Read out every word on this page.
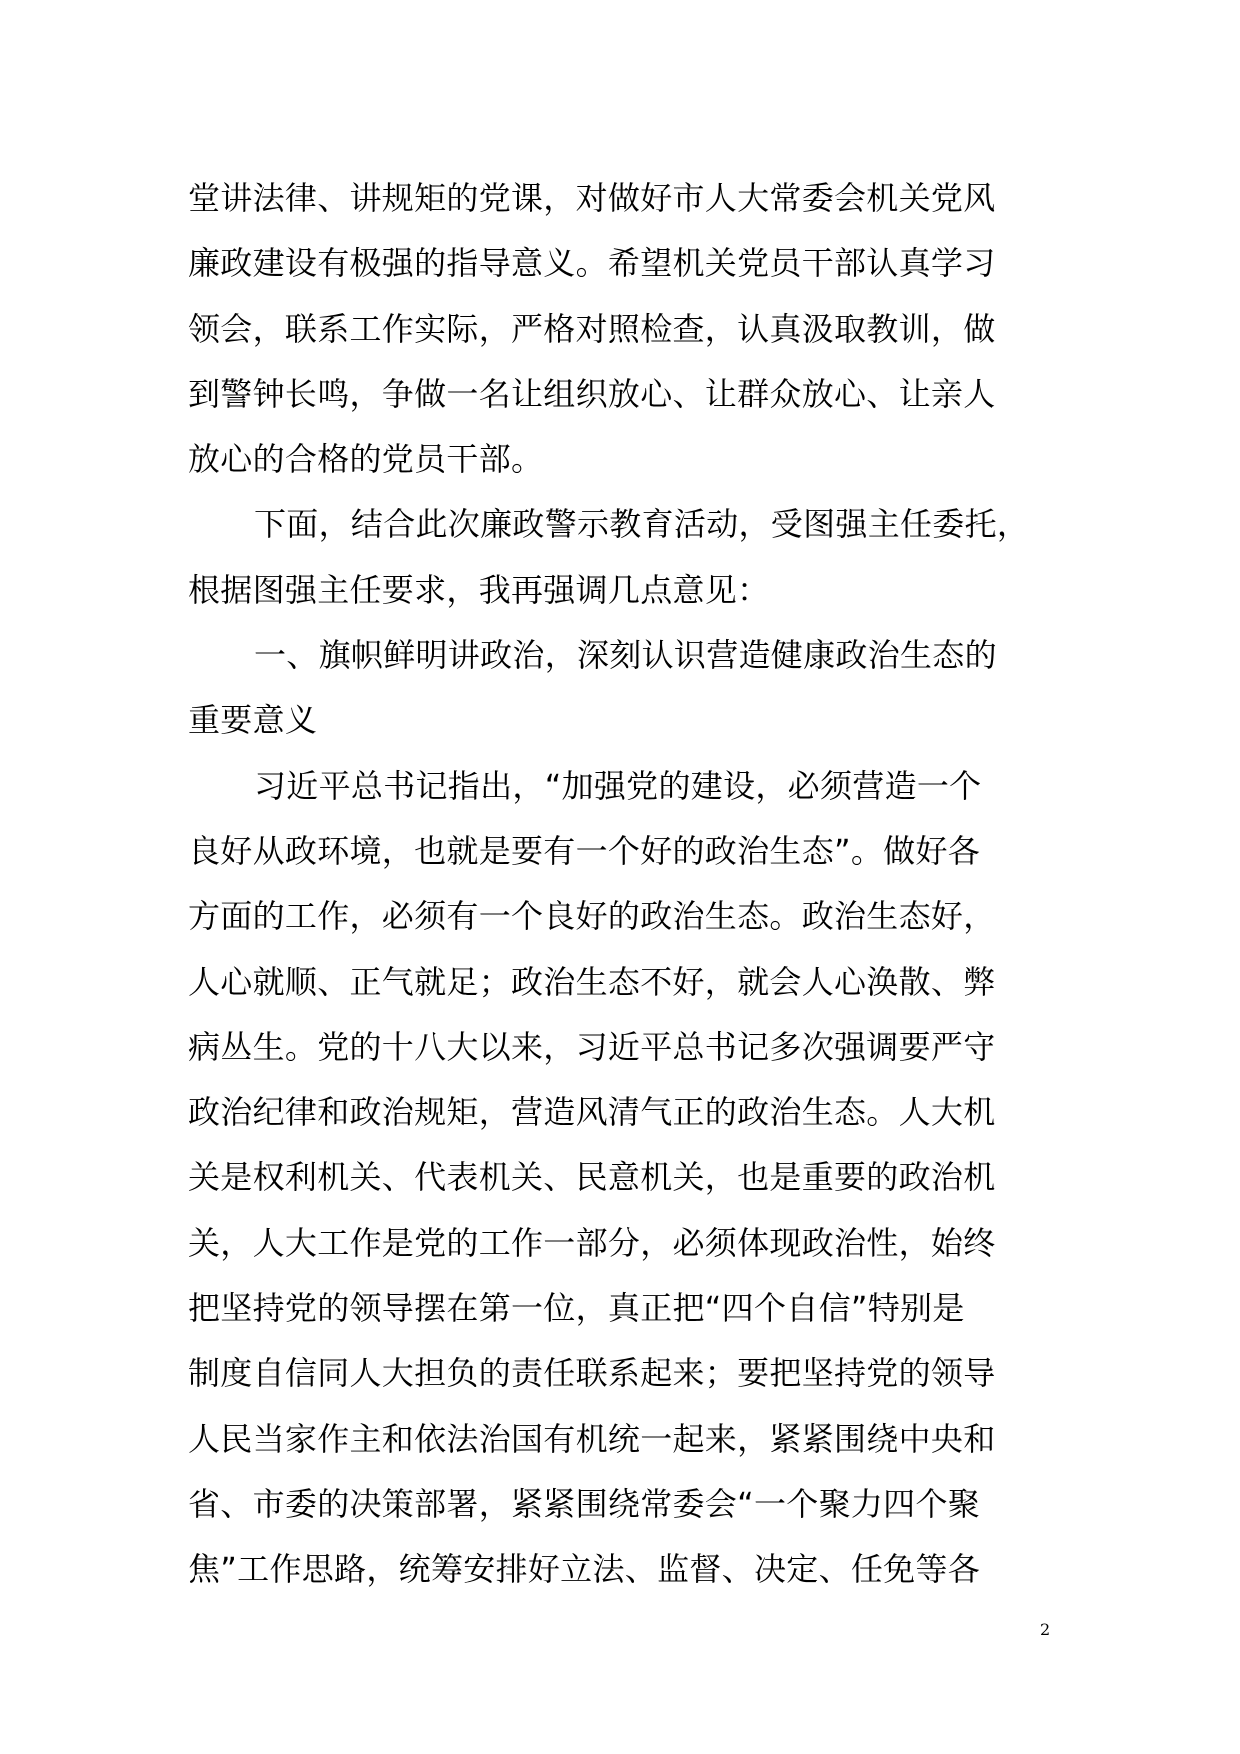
堂讲法律、讲规矩的党课，对做好市人大常委会机关党风
廉政建设有极强的指导意义。希望机关党员干部认真学习
领会，联系工作实际，严格对照检查，认真汲取教训，做
到警钟长鸣，争做一名让组织放心、让群众放心、让亲人
放心的合格的党员干部。
下面，结合此次廉政警示教育活动，受图强主任委托，
根据图强主任要求，我再强调几点意见：
一、旗帜鲜明讲政治，深刻认识营造健康政治生态的
重要意义
习近平总书记指出，“加强党的建设，必须营造一个
良好从政环境，也就是要有一个好的政治生态”。做好各
方面的工作，必须有一个良好的政治生态。政治生态好，
人心就顺、正气就足；政治生态不好，就会人心涣散、弊
病丛生。党的十八大以来，习近平总书记多次强调要严守
政治纪律和政治规矩，营造风清气正的政治生态。人大机
关是权利机关、代表机关、民意机关，也是重要的政治机
关，人大工作是党的工作一部分，必须体现政治性，始终
把坚持党的领导摆在第一位，真正把“四个自信”特别是
制度自信同人大担负的责任联系起来；要把坚持党的领导
人民当家作主和依法治国有机统一起来，紧紧围绕中央和
省、市委的决策部署，紧紧围绕常委会“一个聚力四个聚
焦”工作思路，统筹安排好立法、监督、决定、任免等各
2
